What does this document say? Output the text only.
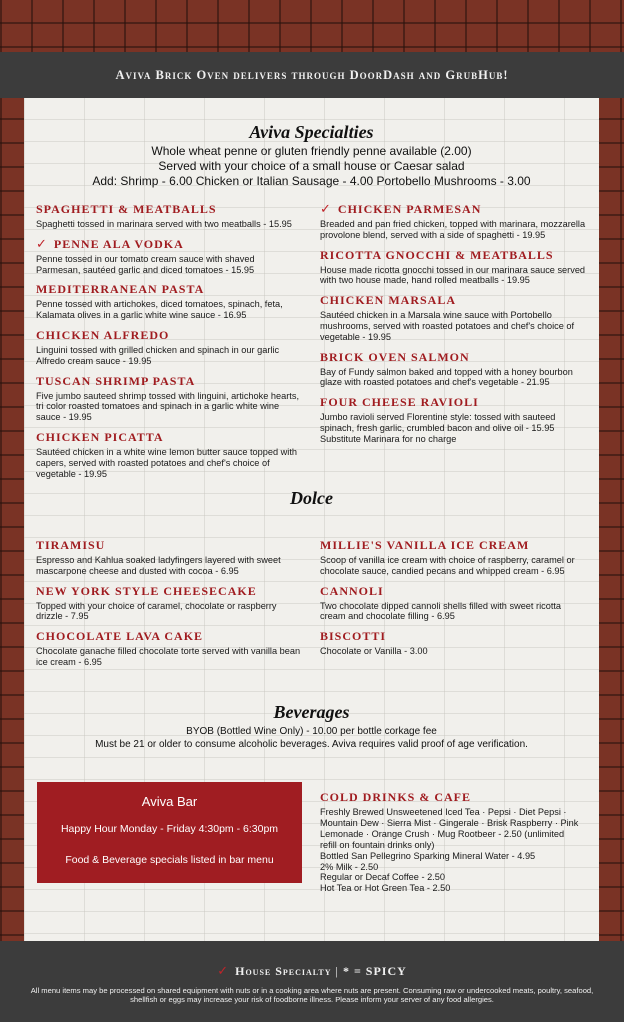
Aviva Brick Oven delivers through DoorDash and GrubHub!
Aviva Specialties
Whole wheat penne or gluten friendly penne available (2.00)
Served with your choice of a small house or Caesar salad
Add: Shrimp - 6.00 Chicken or Italian Sausage - 4.00 Portobello Mushrooms - 3.00
SPAGHETTI & MEATBALLS
Spaghetti tossed in marinara served with two meatballs - 15.95
✓ PENNE ALA VODKA
Penne tossed in our tomato cream sauce with shaved Parmesan, sautéed garlic and diced tomatoes - 15.95
MEDITERRANEAN PASTA
Penne tossed with artichokes, diced tomatoes, spinach, feta, Kalamata olives in a garlic white wine sauce - 16.95
CHICKEN ALFREDO
Linguini tossed with grilled chicken and spinach in our garlic Alfredo cream sauce - 19.95
TUSCAN SHRIMP PASTA
Five jumbo sauteed shrimp tossed with linguini, artichoke hearts, tri color roasted tomatoes and spinach in a garlic white wine sauce - 19.95
CHICKEN PICATTA
Sautéed chicken in a white wine lemon butter sauce topped with capers, served with roasted potatoes and chef's choice of vegetable - 19.95
✓ CHICKEN PARMESAN
Breaded and pan fried chicken, topped with marinara, mozzarella provolone blend, served with a side of spaghetti - 19.95
RICOTTA GNOCCHI & MEATBALLS
House made ricotta gnocchi tossed in our marinara sauce served with two house made, hand rolled meatballs - 19.95
CHICKEN MARSALA
Sautéed chicken in a Marsala wine sauce with Portobello mushrooms, served with roasted potatoes and chef's choice of vegetable - 19.95
BRICK OVEN SALMON
Bay of Fundy salmon baked and topped with a honey bourbon glaze with roasted potatoes and chef's vegetable - 21.95
FOUR CHEESE RAVIOLI
Jumbo ravioli served Florentine style: tossed with sauteed spinach, fresh garlic, crumbled bacon and olive oil - 15.95 Substitute Marinara for no charge
Dolce
TIRAMISU
Espresso and Kahlua soaked ladyfingers layered with sweet mascarpone cheese and dusted with cocoa - 6.95
NEW YORK STYLE CHEESECAKE
Topped with your choice of caramel, chocolate or raspberry drizzle - 7.95
CHOCOLATE LAVA CAKE
Chocolate ganache filled chocolate torte served with vanilla bean ice cream - 6.95
MILLIE'S VANILLA ICE CREAM
Scoop of vanilla ice cream with choice of raspberry, caramel or chocolate sauce, candied pecans and whipped cream - 6.95
CANNOLI
Two chocolate dipped cannoli shells filled with sweet ricotta cream and chocolate filling - 6.95
BISCOTTI
Chocolate or Vanilla - 3.00
Beverages
BYOB (Bottled Wine Only) - 10.00 per bottle corkage fee
Must be 21 or older to consume alcoholic beverages. Aviva requires valid proof of age verification.
Aviva Bar
Happy Hour Monday - Friday 4:30pm - 6:30pm
Food & Beverage specials listed in bar menu
COLD DRINKS & CAFE
Freshly Brewed Unsweetened Iced Tea · Pepsi · Diet Pepsi ·
Mountain Dew · Sierra Mist · Gingerale · Brisk Raspberry · Pink
Lemonade · Orange Crush · Mug Rootbeer - 2.50 (unlimited
refill on fountain drinks only)
Bottled San Pellegrino Sparking Mineral Water - 4.95
2% Milk - 2.50
Regular or Decaf Coffee - 2.50
Hot Tea or Hot Green Tea - 2.50
✓ House Specialty | * = SPICY
All menu items may be processed on shared equipment with nuts or in a cooking area where nuts are present. Consuming raw or undercooked meats, poultry, seafood, shellfish or eggs may increase your risk of foodborne illness. Please inform your server of any food allergies.
